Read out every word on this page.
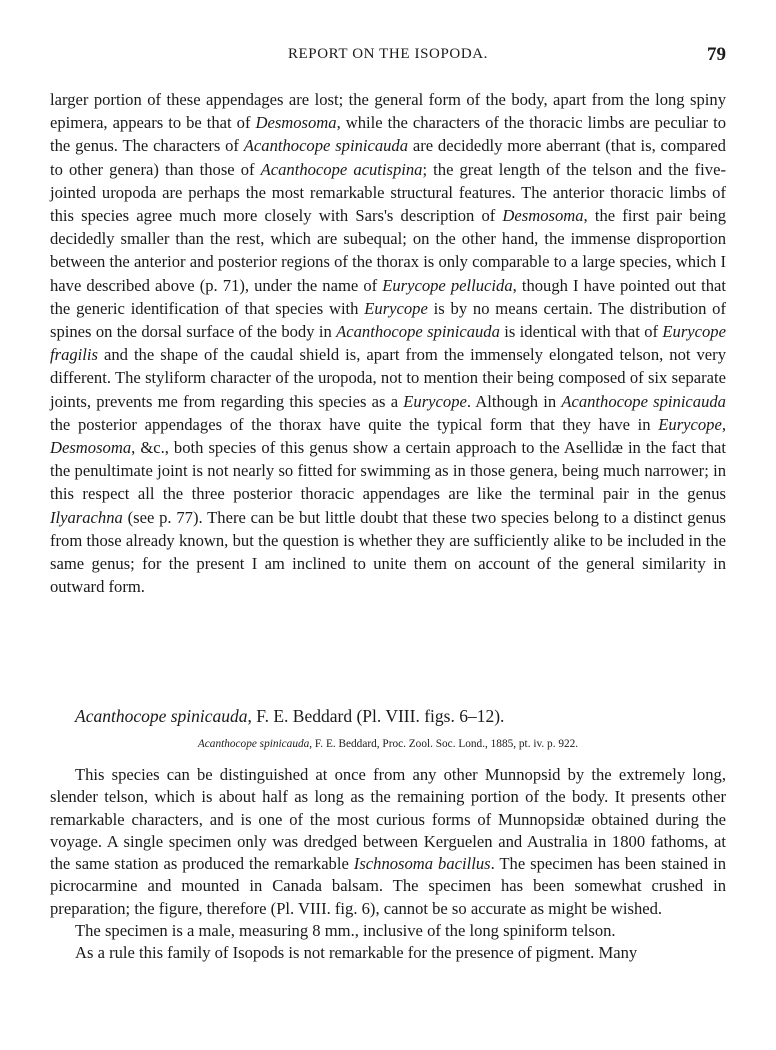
REPORT ON THE ISOPODA.	79

larger portion of these appendages are lost; the general form of the body, apart from the long spiny epimera, appears to be that of Desmosoma, while the characters of the thoracic limbs are peculiar to the genus. The characters of Acanthocope spinicauda are decidedly more aberrant (that is, compared to other genera) than those of Acanthocope acutispina; the great length of the telson and the five-jointed uropoda are perhaps the most remarkable structural features. The anterior thoracic limbs of this species agree much more closely with Sars's description of Desmosoma, the first pair being decidedly smaller than the rest, which are subequal; on the other hand, the immense disproportion between the anterior and posterior regions of the thorax is only comparable to a large species, which I have described above (p. 71), under the name of Eurycope pellucida, though I have pointed out that the generic identification of that species with Eurycope is by no means certain. The distribution of spines on the dorsal surface of the body in Acanthocope spinicauda is identical with that of Eurycope fragilis and the shape of the caudal shield is, apart from the immensely elongated telson, not very different. The styliform character of the uropoda, not to mention their being composed of six separate joints, prevents me from regarding this species as a Eurycope. Although in Acanthocope spinicauda the posterior appendages of the thorax have quite the typical form that they have in Eurycope, Desmosoma, &c., both species of this genus show a certain approach to the Asellidæ in the fact that the penultimate joint is not nearly so fitted for swimming as in those genera, being much narrower; in this respect all the three posterior thoracic appendages are like the terminal pair in the genus Ilyarachna (see p. 77). There can be but little doubt that these two species belong to a distinct genus from those already known, but the question is whether they are sufficiently alike to be included in the same genus; for the present I am inclined to unite them on account of the general similarity in outward form.

Acanthocope spinicauda, F. E. Beddard (Pl. VIII. figs. 6–12).

Acanthocope spinicauda, F. E. Beddard, Proc. Zool. Soc. Lond., 1885, pt. iv. p. 922.

This species can be distinguished at once from any other Munnopsid by the extremely long, slender telson, which is about half as long as the remaining portion of the body. It presents other remarkable characters, and is one of the most curious forms of Munnopsidæ obtained during the voyage. A single specimen only was dredged between Kerguelen and Australia in 1800 fathoms, at the same station as produced the remarkable Ischnosoma bacillus. The specimen has been stained in picrocarmine and mounted in Canada balsam. The specimen has been somewhat crushed in preparation; the figure, therefore (Pl. VIII. fig. 6), cannot be so accurate as might be wished.

The specimen is a male, measuring 8 mm., inclusive of the long spiniform telson.

As a rule this family of Isopods is not remarkable for the presence of pigment. Many
